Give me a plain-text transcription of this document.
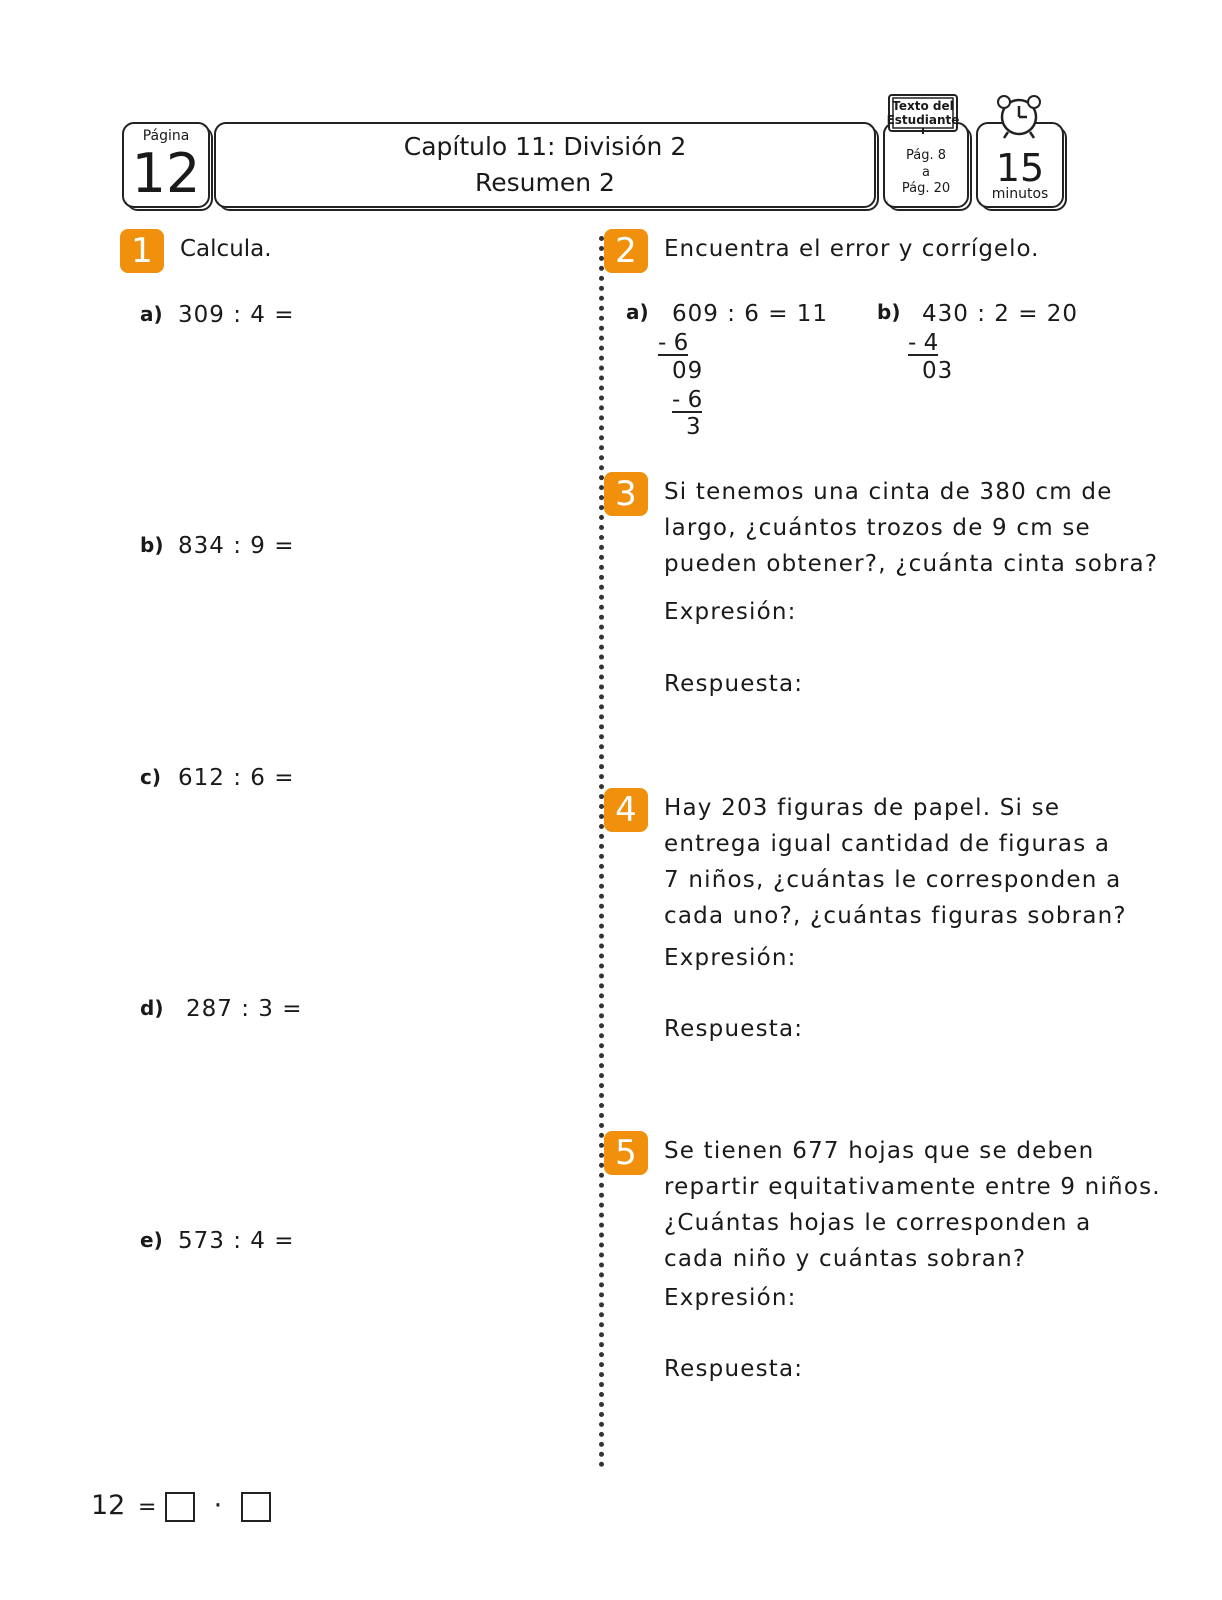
Página
12	Capítulo 11: División 2
Resumen 2
Pág. 8
a
Pág. 20
Texto del
Estudiante
15
minutos
1	Calcula.
a) 309 : 4 =
b) 834 : 9 =
c) 612 : 6 =
d) 287 : 3 =
e) 573 : 4 =
2	Encuentra el error y corrígelo.
a) 609 : 6 = 11
- 6
09
- 6
3
b) 430 : 2 = 20
- 4
03
3	Si tenemos una cinta de 380 cm de
largo, ¿cuántos trozos de 9 cm se
pueden obtener?, ¿cuánta cinta sobra?
Expresión:
Respuesta:
4	Hay 203 figuras de papel. Si se
entrega igual cantidad de figuras a
7 niños, ¿cuántas le corresponden a
cada uno?, ¿cuántas figuras sobran?
Expresión:
Respuesta:
5	Se tienen 677 hojas que se deben
repartir equitativamente entre 9 niños.
¿Cuántas hojas le corresponden a
cada niño y cuántas sobran?
Expresión:
Respuesta:
12 = ·
